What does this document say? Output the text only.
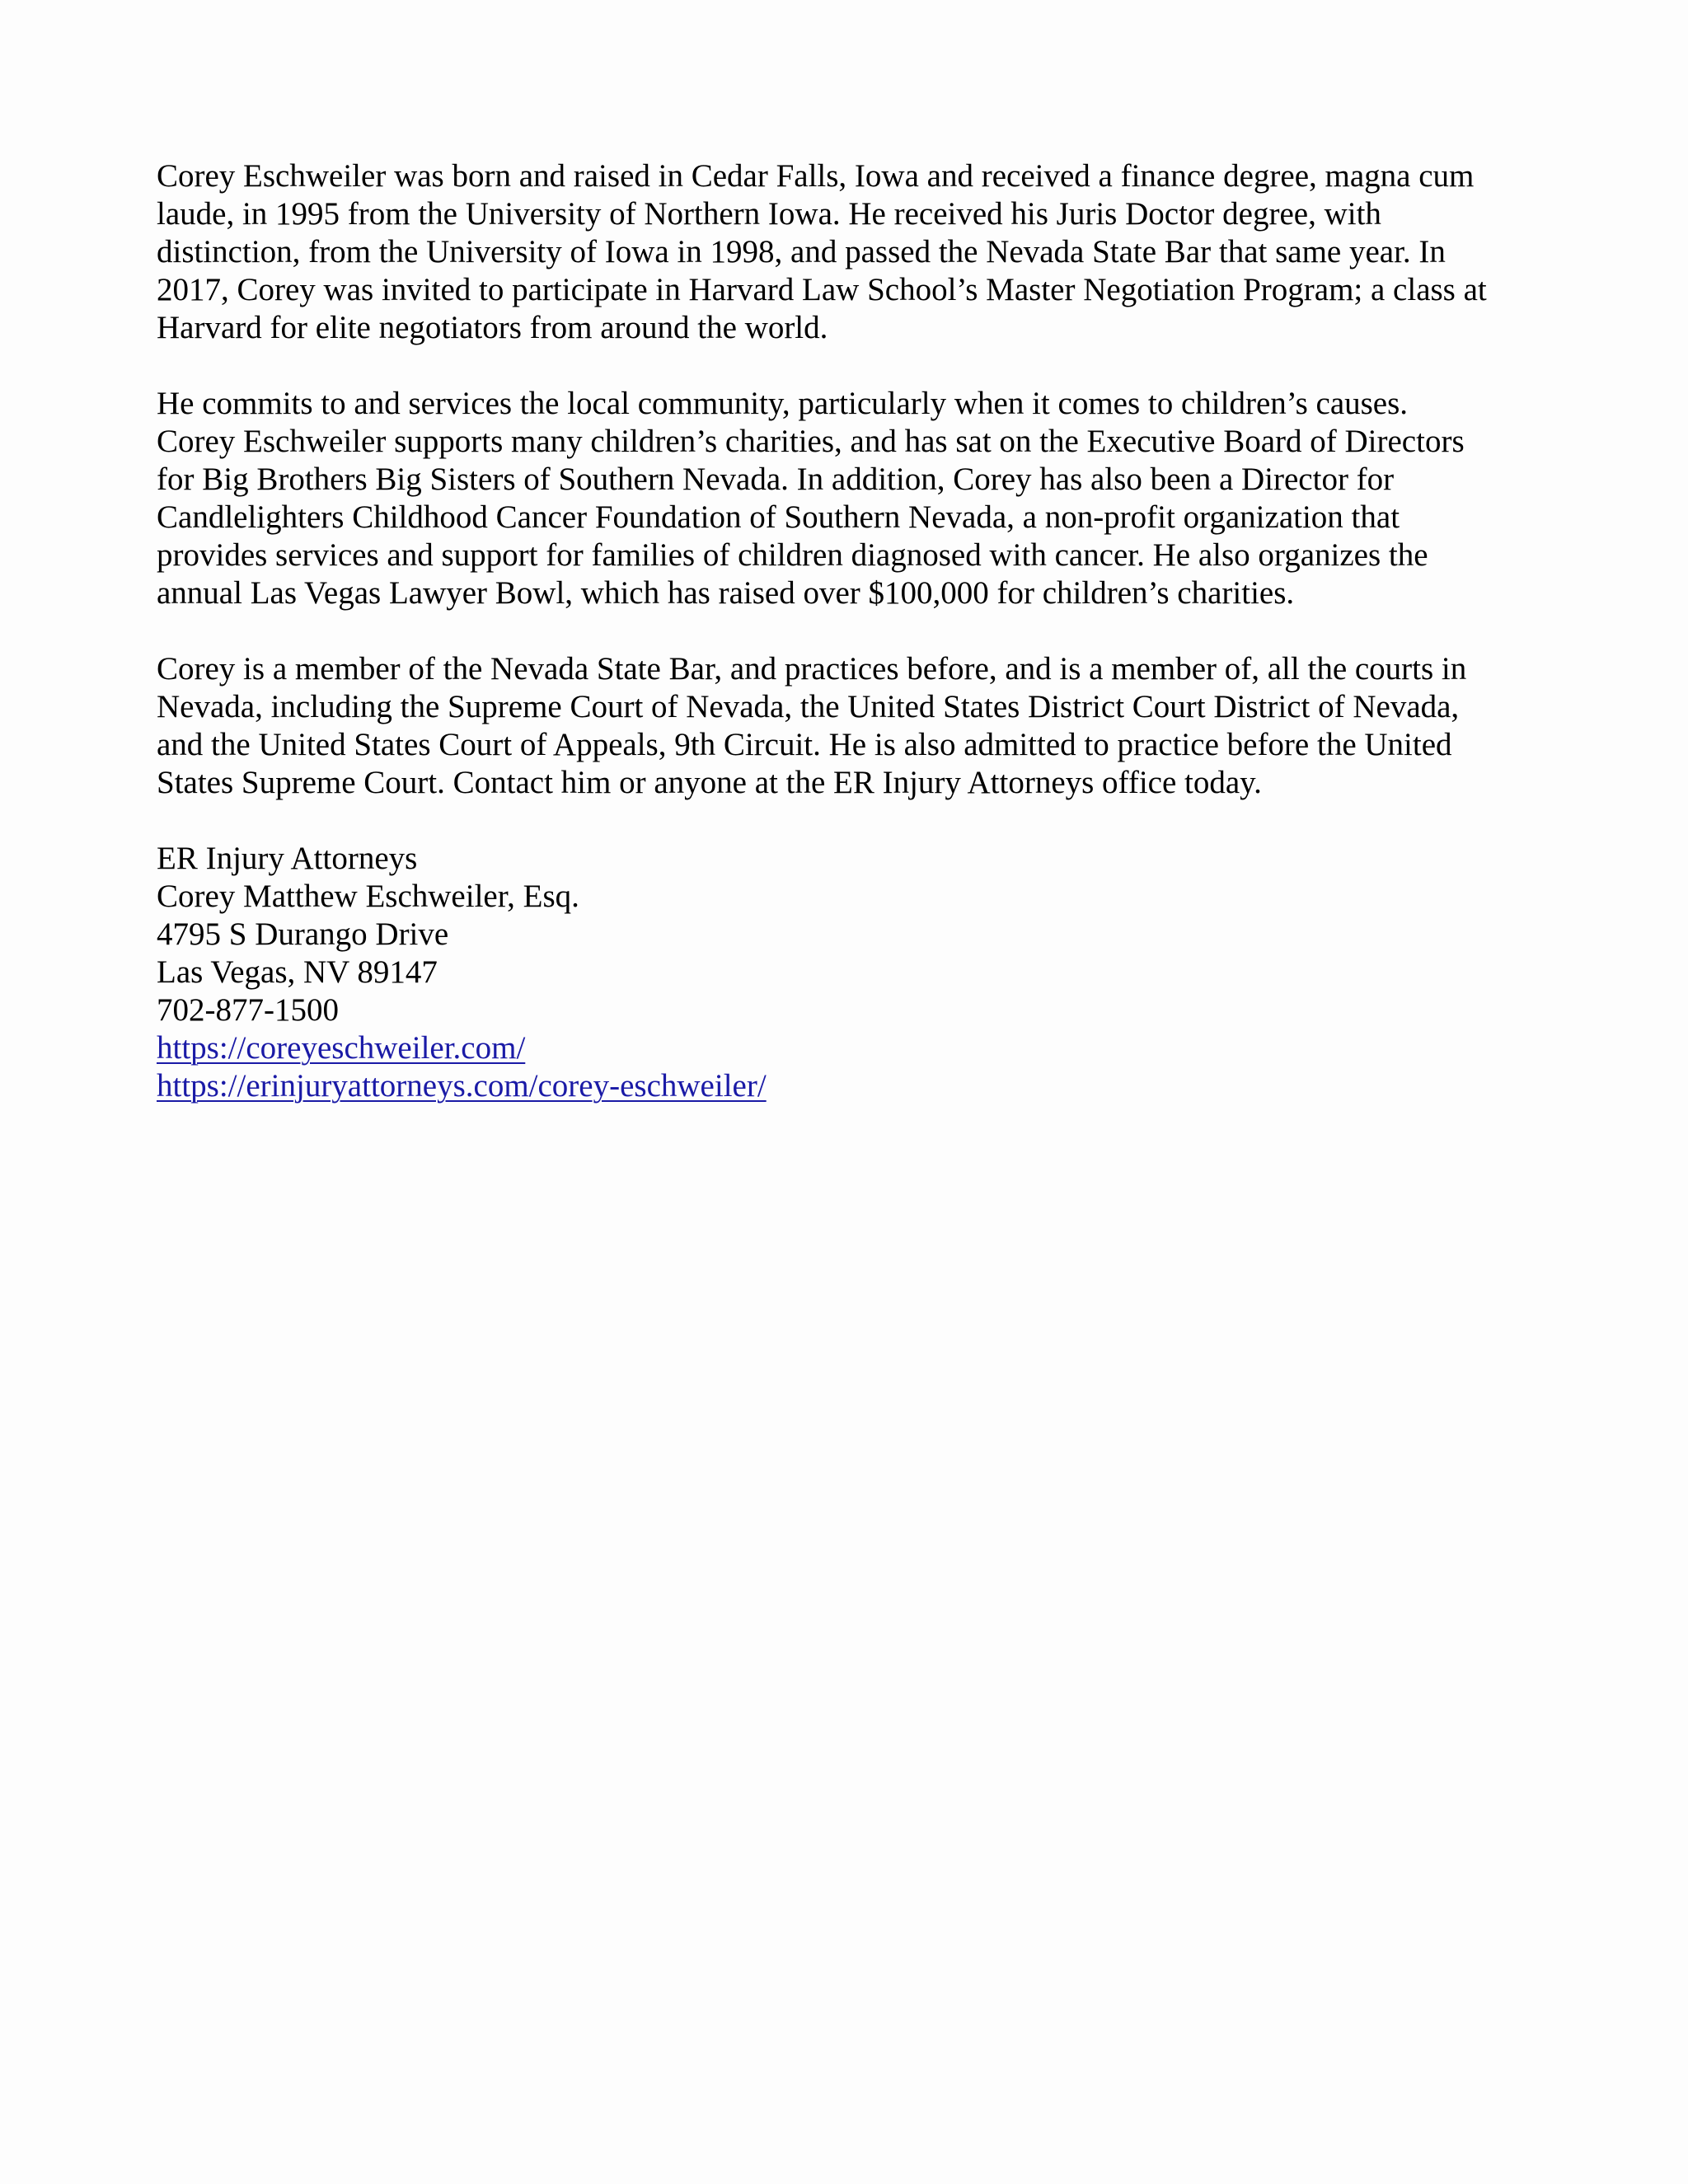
Corey Eschweiler was born and raised in Cedar Falls, Iowa and received a finance degree, magna cum
laude, in 1995 from the University of Northern Iowa. He received his Juris Doctor degree, with
distinction, from the University of Iowa in 1998, and passed the Nevada State Bar that same year. In
2017, Corey was invited to participate in Harvard Law School’s Master Negotiation Program; a class at
Harvard for elite negotiators from around the world.

He commits to and services the local community, particularly when it comes to children’s causes.
Corey Eschweiler supports many children’s charities, and has sat on the Executive Board of Directors
for Big Brothers Big Sisters of Southern Nevada. In addition, Corey has also been a Director for
Candlelighters Childhood Cancer Foundation of Southern Nevada, a non-profit organization that
provides services and support for families of children diagnosed with cancer. He also organizes the
annual Las Vegas Lawyer Bowl, which has raised over $100,000 for children’s charities.

Corey is a member of the Nevada State Bar, and practices before, and is a member of, all the courts in
Nevada, including the Supreme Court of Nevada, the United States District Court District of Nevada,
and the United States Court of Appeals, 9th Circuit. He is also admitted to practice before the United
States Supreme Court. Contact him or anyone at the ER Injury Attorneys office today.

ER Injury Attorneys
Corey Matthew Eschweiler, Esq.
4795 S Durango Drive
Las Vegas, NV 89147
702-877-1500
https://coreyeschweiler.com/
https://erinjuryattorneys.com/corey-eschweiler/
